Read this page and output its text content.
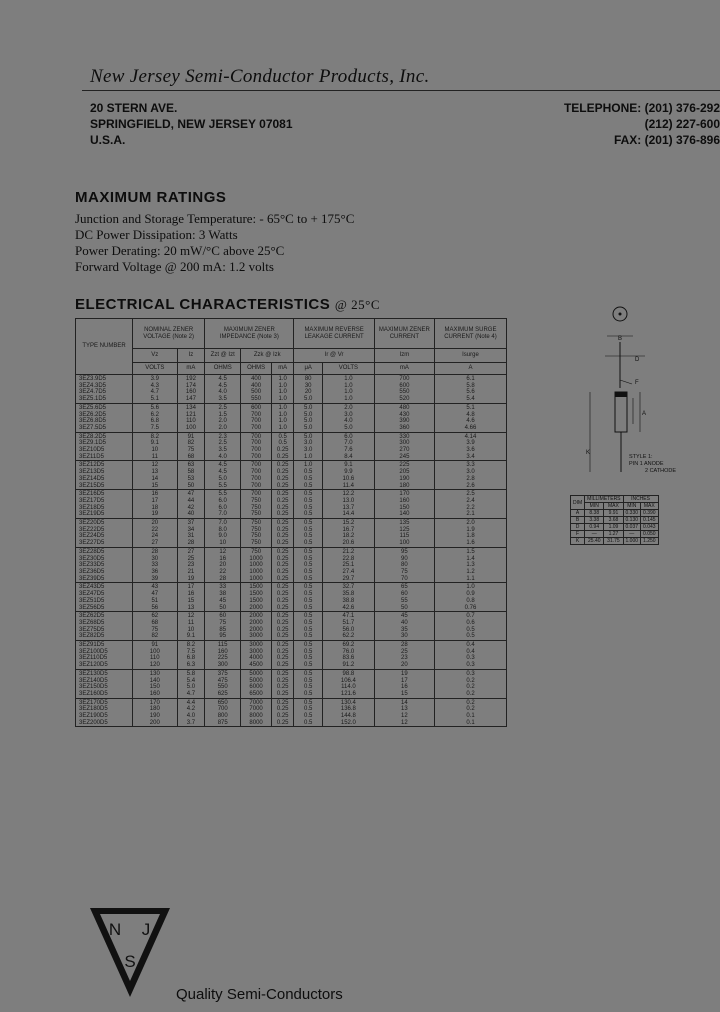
New Jersey Semi-Conductor Products, Inc.
20 STERN AVE.
SPRINGFIELD, NEW JERSEY 07081
U.S.A.
TELEPHONE: (201) 376-292
(212) 227-600
FAX: (201) 376-896
MAXIMUM RATINGS
Junction and Storage Temperature: - 65°C to + 175°C
DC Power Dissipation: 3 Watts
Power Derating: 20 mW/°C above 25°C
Forward Voltage @ 200 mA: 1.2 volts
ELECTRICAL CHARACTERISTICS @ 25°C
TYPE NUMBER	NOMINAL ZENER VOLTAGE (Note 2)		MAXIMUM ZENER IMPEDANCE (Note 3)			MAXIMUM REVERSE LEAKAGE CURRENT		MAXIMUM ZENER CURRENT	MAXIMUM SURGE CURRENT (Note 4)
	Vz	Iz	Zzt @ Izt	Zzk @ Izk		Ir @ Vr		Izm	Isurge
	VOLTS	mA	OHMS	OHMS	mA	μA	VOLTS	mA	A
3EZ3.9D5	3.9	192	4.5	400	1.0	80	1.0	700	6.1
3EZ4.3D5	4.3	174	4.5	400	1.0	30	1.0	600	5.8
3EZ4.7D5	4.7	160	4.0	500	1.0	20	1.0	550	5.6
3EZ5.1D5	5.1	147	3.5	550	1.0	5.0	1.0	520	5.4
3EZ5.6D5	5.6	134	2.5	600	1.0	5.0	2.0	480	5.1
3EZ6.2D5	6.2	121	1.5	700	1.0	5.0	3.0	430	4.8
3EZ6.8D5	6.8	110	2.0	700	1.0	5.0	4.0	390	4.6
3EZ7.5D5	7.5	100	2.0	700	1.0	5.0	5.0	360	4.66
3EZ8.2D5	8.2	91	2.3	700	0.5	5.0	6.0	330	4.14
3EZ9.1D5	9.1	82	2.5	700	0.5	3.0	7.0	300	3.9
3EZ10D5	10	75	3.5	700	0.25	3.0	7.6	270	3.6
3EZ11D5	11	68	4.0	700	0.25	1.0	8.4	245	3.4
3EZ12D5	12	63	4.5	700	0.25	1.0	9.1	225	3.3
3EZ13D5	13	58	4.5	700	0.25	0.5	9.9	205	3.0
3EZ14D5	14	53	5.0	700	0.25	0.5	10.6	190	2.8
3EZ15D5	15	50	5.5	700	0.25	0.5	11.4	180	2.6
3EZ16D5	16	47	5.5	700	0.25	0.5	12.2	170	2.5
3EZ17D5	17	44	6.0	750	0.25	0.5	13.0	160	2.4
3EZ18D5	18	42	6.0	750	0.25	0.5	13.7	150	2.2
3EZ19D5	19	40	7.0	750	0.25	0.5	14.4	140	2.1
3EZ20D5	20	37	7.0	750	0.25	0.5	15.2	135	2.0
3EZ22D5	22	34	8.0	750	0.25	0.5	16.7	125	1.9
3EZ24D5	24	31	9.0	750	0.25	0.5	18.2	115	1.8
3EZ27D5	27	28	10	750	0.25	0.5	20.6	100	1.6
3EZ28D5	28	27	12	750	0.25	0.5	21.2	95	1.5
3EZ30D5	30	25	16	1000	0.25	0.5	22.8	90	1.4
3EZ33D5	33	23	20	1000	0.25	0.5	25.1	80	1.3
3EZ36D5	36	21	22	1000	0.25	0.5	27.4	75	1.2
3EZ39D5	39	19	28	1000	0.25	0.5	29.7	70	1.1
3EZ43D5	43	17	33	1500	0.25	0.5	32.7	65	1.0
3EZ47D5	47	16	38	1500	0.25	0.5	35.8	60	0.9
3EZ51D5	51	15	45	1500	0.25	0.5	38.8	55	0.8
3EZ56D5	56	13	50	2000	0.25	0.5	42.6	50	0.76
3EZ62D5	62	12	60	2000	0.25	0.5	47.1	45	0.7
3EZ68D5	68	11	75	2000	0.25	0.5	51.7	40	0.6
3EZ75D5	75	10	85	2000	0.25	0.5	56.0	35	0.5
3EZ82D5	82	9.1	95	3000	0.25	0.5	62.2	30	0.5
3EZ91D5	91	8.2	115	3000	0.25	0.5	69.2	28	0.4
3EZ100D5	100	7.5	160	3000	0.25	0.5	76.0	25	0.4
3EZ110D5	110	6.8	225	4000	0.25	0.5	83.6	23	0.3
3EZ120D5	120	6.3	300	4500	0.25	0.5	91.2	20	0.3
3EZ130D5	130	5.8	375	5000	0.25	0.5	98.8	19	0.3
3EZ140D5	140	5.4	475	5000	0.25	0.5	106.4	17	0.2
3EZ150D5	150	5.0	550	6000	0.25	0.5	114.0	16	0.2
3EZ160D5	160	4.7	625	6500	0.25	0.5	121.6	15	0.2
3EZ170D5	170	4.4	650	7000	0.25	0.5	130.4	14	0.2
3EZ180D5	180	4.2	700	7000	0.25	0.5	136.8	13	0.2
3EZ190D5	190	4.0	800	8000	0.25	0.5	144.8	12	0.1
3EZ200D5	200	3.7	875	8000	0.25	0.5	152.0	12	0.1
B
D
A
F
K
STYLE 1:
PIN 1 ANODE
2 CATHODE
DIM	MILLIMETERS		INCHES	
	MIN	MAX	MIN	MAX
A	8.38	9.91	0.330	0.390
B	3.38	3.68	0.130	0.145
D	0.94	1.09	0.037	0.043
F	—	1.27	—	0.050
K	25.40	31.75	1.000	1.250
N J
S
Quality Semi-Conductors
